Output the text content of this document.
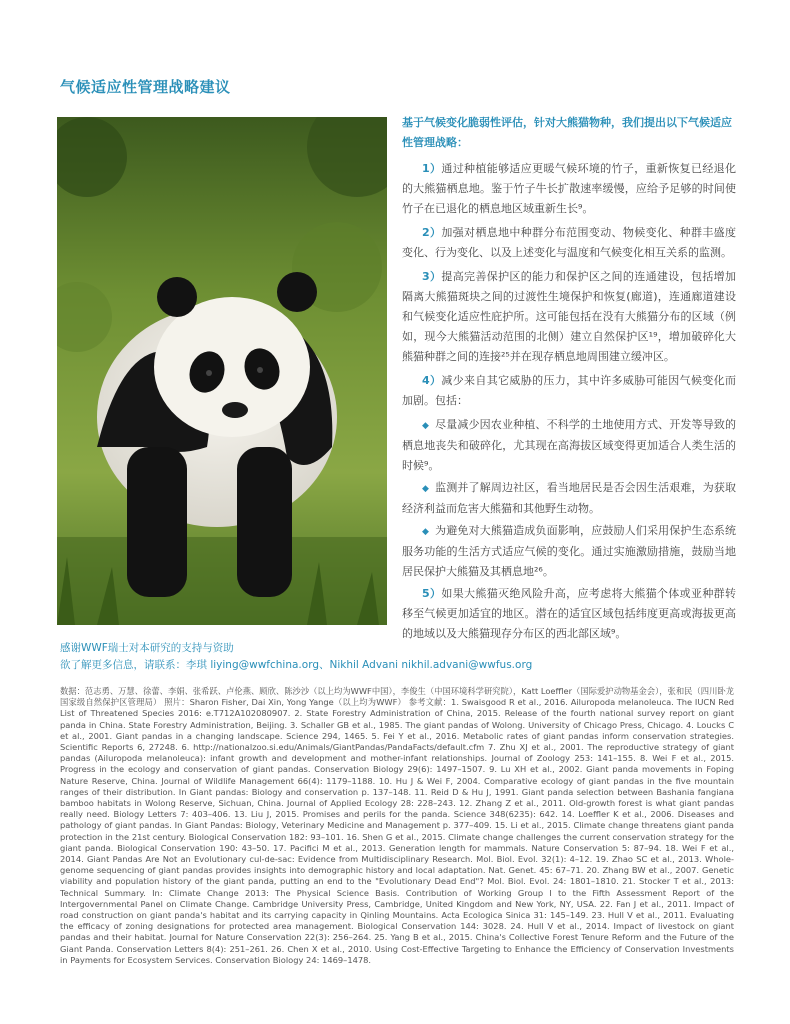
气候适应性管理战略建议

基于气候变化脆弱性评估，针对大熊猫物种，我们提出以下气候适应性管理战略：

1）通过种植能够适应更暖气候环境的竹子，重新恢复已经退化的大熊猫栖息地。鉴于竹子牛长扩散速率缓慢，应给予足够的时间使竹子在已退化的栖息地区域重新生长⁹。

2）加强对栖息地中种群分布范围变动、物候变化、种群丰盛度变化、行为变化、以及上述变化与温度和气候变化相互关系的监测。

3）提高完善保护区的能力和保护区之间的连通建设，包括增加隔离大熊猫斑块之间的过渡性生境保护和恢复(廊道)，连通廊道建设和气候变化适应性庇护所。这可能包括在没有大熊猫分布的区域（例如，现今大熊猫活动范围的北侧）建立自然保护区¹⁹，增加破碎化大熊猫种群之间的连接²⁵并在现存栖息地周围建立缓冲区。

4）减少来自其它威胁的压力，其中许多威胁可能因气候变化而加剧。包括：

◆ 尽量减少因农业种植、不科学的土地使用方式、开发等导致的栖息地丧失和破碎化，尤其现在高海拔区域变得更加适合人类生活的时候⁹。

◆ 监测并了解周边社区，看当地居民是否会因生活艰难，为获取经济利益而危害大熊猫和其他野生动物。

◆ 为避免对大熊猫造成负面影响，应鼓励人们采用保护生态系统服务功能的生活方式适应气候的变化。通过实施激励措施，鼓励当地居民保护大熊猫及其栖息地²⁶。

5）如果大熊猫灭绝风险升高，应考虑将大熊猫个体或亚种群转移至气候更加适宜的地区。潜在的适宜区域包括纬度更高或海拔更高的地域以及大熊猫现存分布区的西北部区域⁹。

感谢WWF瑞士对本研究的支持与资助
欲了解更多信息，请联系：李琪 liying@wwfchina.org、Nikhil Advani nikhil.advani@wwfus.org
数据：范志勇、万慧、徐蕾、李娟、张希跃、卢伦燕、顾欣、陈沙沙（以上均为WWF中国），李俊生（中国环境科学研究院），Katt Loeffler（国际爱护动物基金会），张和民（四川卧龙国家级自然保护区管理局） 照片：Sharon Fisher, Dai Xin, Yong Yange（以上均为WWF） 参考文献：1. Swaisgood R et al., 2016. Ailuropoda melanoleuca. The IUCN Red List of Threatened Species 2016: e.T712A102080907. 2. State Forestry Administration of China, 2015. Release of the fourth national survey report on giant panda in China. State Forestry Administration, Beijing. 3. Schaller GB et al., 1985. The giant pandas of Wolong. University of Chicago Press, Chicago. 4. Loucks C et al., 2001. Giant pandas in a changing landscape. Science 294, 1465. 5. Fei Y et al., 2016. Metabolic rates of giant pandas inform conservation strategies. Scientific Reports 6, 27248. 6. http://nationalzoo.si.edu/Animals/GiantPandas/PandaFacts/default.cfm 7. Zhu XJ et al., 2001. The reproductive strategy of giant pandas (Ailuropoda melanoleuca): infant growth and development and mother-infant relationships. Journal of Zoology 253: 141–155. 8. Wei F et al., 2015. Progress in the ecology and conservation of giant pandas. Conservation Biology 29(6): 1497–1507. 9. Lu XH et al., 2002. Giant panda movements in Foping Nature Reserve, China. Journal of Wildlife Management 66(4): 1179–1188. 10. Hu J & Wei F, 2004. Comparative ecology of giant pandas in the five mountain ranges of their distribution. In Giant pandas: Biology and conservation p. 137–148. 11. Reid D & Hu J, 1991. Giant panda selection between Bashania fangiana bamboo habitats in Wolong Reserve, Sichuan, China. Journal of Applied Ecology 28: 228–243. 12. Zhang Z et al., 2011. Old-growth forest is what giant pandas really need. Biology Letters 7: 403–406. 13. Liu J, 2015. Promises and perils for the panda. Science 348(6235): 642. 14. Loeffler K et al., 2006. Diseases and pathology of giant pandas. In Giant Pandas: Biology, Veterinary Medicine and Management p. 377–409. 15. Li et al., 2015. Climate change threatens giant panda protection in the 21st century. Biological Conservation 182: 93–101. 16. Shen G et al., 2015. Climate change challenges the current conservation strategy for the giant panda. Biological Conservation 190: 43–50. 17. Pacifici M et al., 2013. Generation length for mammals. Nature Conservation 5: 87–94. 18. Wei F et al., 2014. Giant Pandas Are Not an Evolutionary cul-de-sac: Evidence from Multidisciplinary Research. Mol. Biol. Evol. 32(1): 4–12. 19. Zhao SC et al., 2013. Whole-genome sequencing of giant pandas provides insights into demographic history and local adaptation. Nat. Genet. 45: 67–71. 20. Zhang BW et al., 2007. Genetic viability and population history of the giant panda, putting an end to the "Evolutionary Dead End"? Mol. Biol. Evol. 24: 1801–1810. 21. Stocker T et al., 2013: Technical Summary. In: Climate Change 2013: The Physical Science Basis. Contribution of Working Group I to the Fifth Assessment Report of the Intergovernmental Panel on Climate Change. Cambridge University Press, Cambridge, United Kingdom and New York, NY, USA. 22. Fan J et al., 2011. Impact of road construction on giant panda's habitat and its carrying capacity in Qinling Mountains. Acta Ecologica Sinica 31: 145–149. 23. Hull V et al., 2011. Evaluating the efficacy of zoning designations for protected area management. Biological Conservation 144: 3028. 24. Hull V et al., 2014. Impact of livestock on giant pandas and their habitat. Journal for Nature Conservation 22(3): 256–264. 25. Yang B et al., 2015. China's Collective Forest Tenure Reform and the Future of the Giant Panda. Conservation Letters 8(4): 251–261. 26. Chen X et al., 2010. Using Cost-Effective Targeting to Enhance the Efficiency of Conservation Investments in Payments for Ecosystem Services. Conservation Biology 24: 1469–1478.
